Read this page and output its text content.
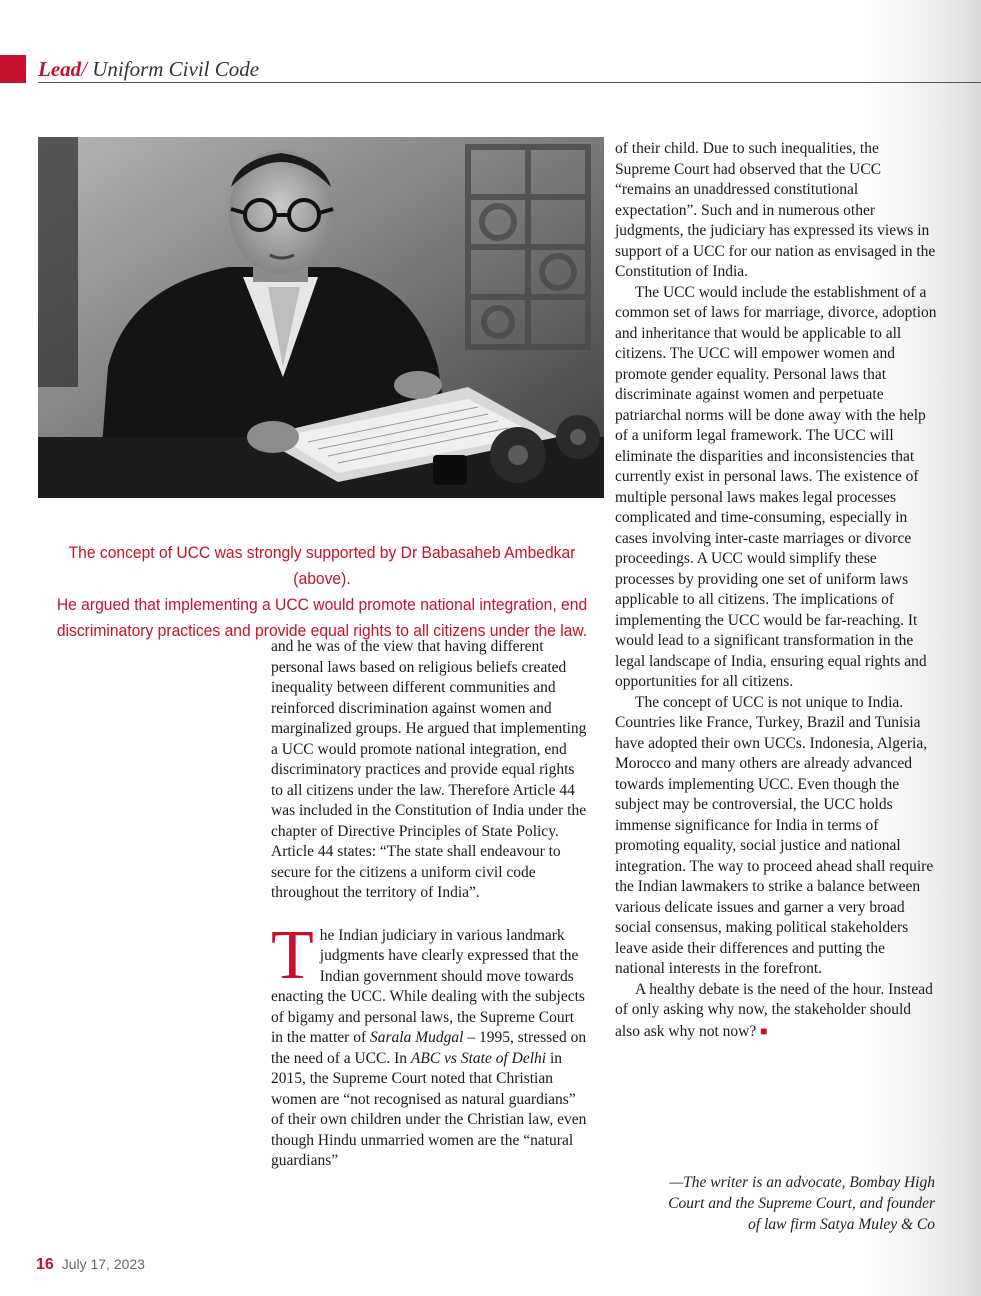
Lead/ Uniform Civil Code

The concept of UCC was strongly supported by Dr Babasaheb Ambedkar (above).

He argued that implementing a UCC would promote national integration, end

discriminatory practices and provide equal rights to all citizens under the law.

and he was of the view that having different personal laws based on religious beliefs created inequality between different communities and reinforced discrimination against women and marginalized groups. He argued that implementing a UCC would promote national integration, end discriminatory practices and provide equal rights to all citizens under the law. Therefore Article 44 was included in the Constitution of India under the chapter of Directive Principles of State Policy. Article 44 states: “The state shall endeavour to secure for the citizens a uniform civil code throughout the territory of India”.

The Indian judiciary in various landmark judgments have clearly expressed that the Indian government should move towards enacting the UCC. While dealing with the subjects of bigamy and personal laws, the Supreme Court in the matter of Sarala Mudgal – 1995, stressed on the need of a UCC. In ABC vs State of Delhi in 2015, the Supreme Court noted that Christian women are “not recognised as natural guardians” of their own children under the Christian law, even though Hindu unmarried women are the “natural guardians”

of their child. Due to such inequalities, the Supreme Court had observed that the UCC “remains an unaddressed constitutional expectation”. Such and in numerous other judgments, the judiciary has expressed its views in support of a UCC for our nation as envisaged in the Constitution of India.

The UCC would include the establishment of a common set of laws for marriage, divorce, adoption and inheritance that would be applicable to all citizens. The UCC will empower women and promote gender equality. Personal laws that discriminate against women and perpetuate patriarchal norms will be done away with the help of a uniform legal framework. The UCC will eliminate the disparities and inconsistencies that currently exist in personal laws. The existence of multiple personal laws makes legal processes complicated and time-consuming, especially in cases involving inter-caste marriages or divorce proceedings. A UCC would simplify these processes by providing one set of uniform laws applicable to all citizens. The implications of implementing the UCC would be far-reaching. It would lead to a significant transformation in the legal landscape of India, ensuring equal rights and opportunities for all citizens.

The concept of UCC is not unique to India. Countries like France, Turkey, Brazil and Tunisia have adopted their own UCCs. Indonesia, Algeria, Morocco and many others are already advanced towards implementing UCC. Even though the subject may be controversial, the UCC holds immense significance for India in terms of promoting equality, social justice and national integration. The way to proceed ahead shall require the Indian lawmakers to strike a balance between various delicate issues and garner a very broad social consensus, making political stakeholders leave aside their differences and putting the national interests in the forefront.

A healthy debate is the need of the hour. Instead of only asking why now, the stakeholder should also ask why not now? ■

—The writer is an advocate, Bombay High

Court and the Supreme Court, and founder

of law firm Satya Muley & Co

16 July 17, 2023
